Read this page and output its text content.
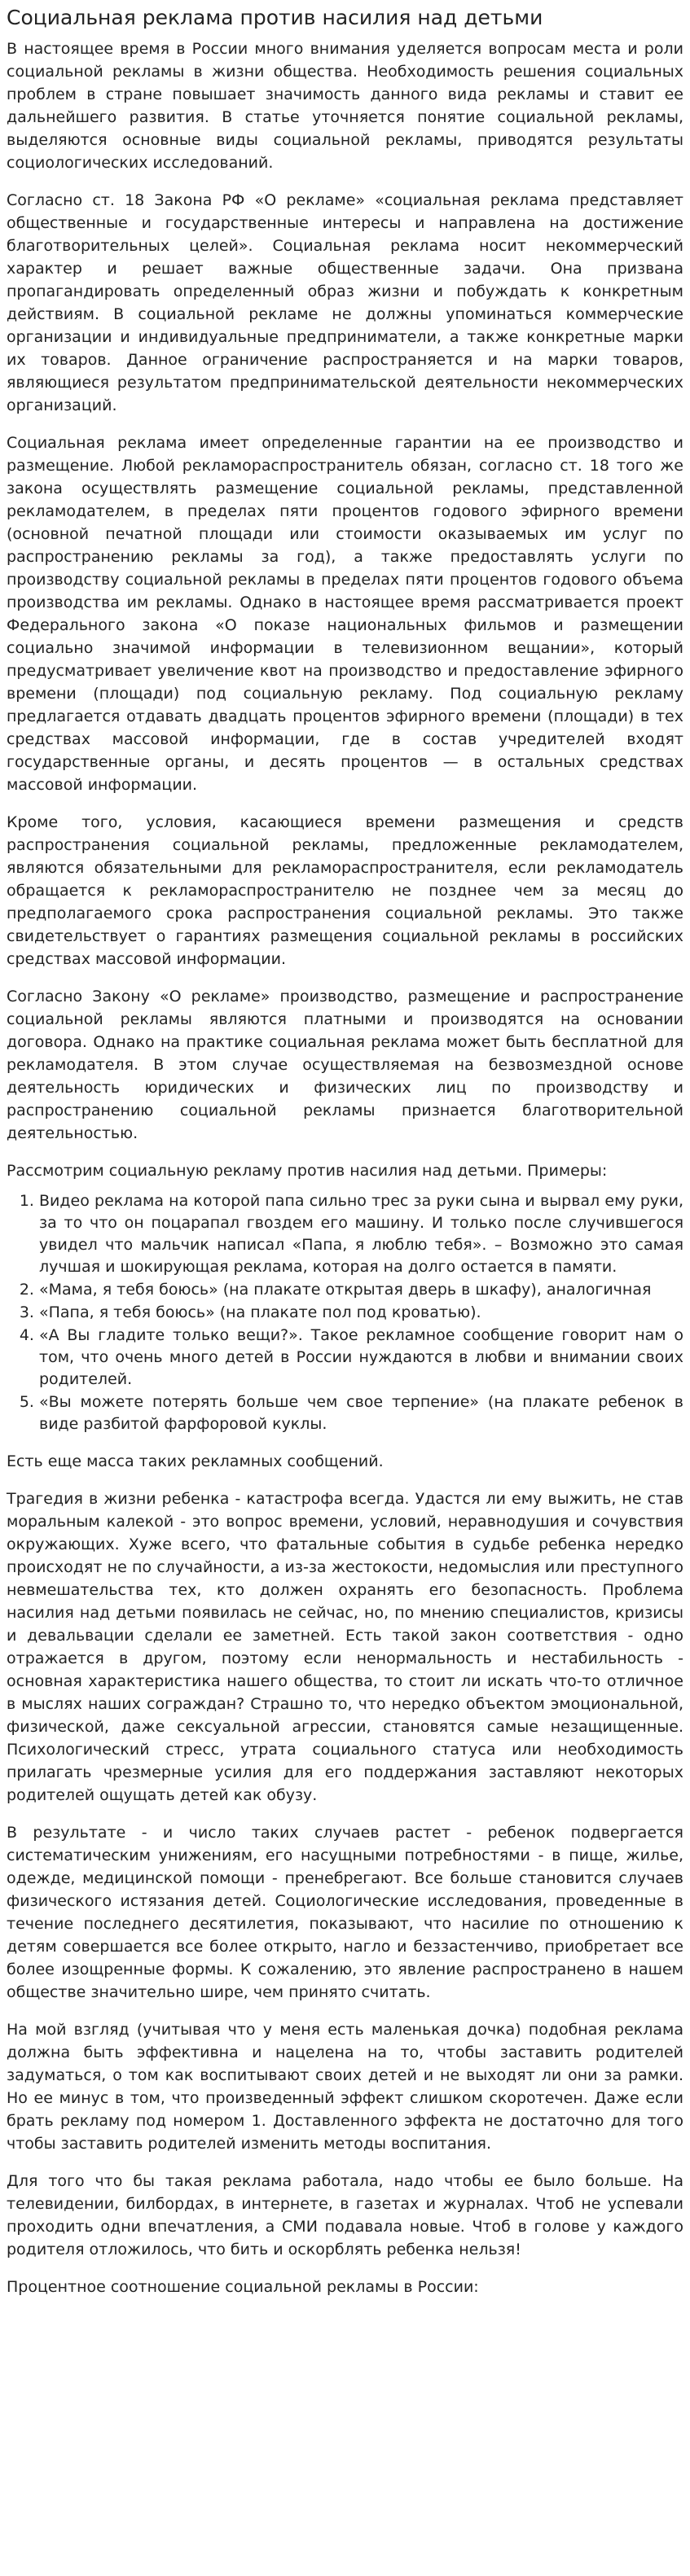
Социальная реклама против насилия над детьми

В настоящее время в России много внимания уделяется вопросам места и роли социальной рекламы в жизни общества. Необходимость решения социальных проблем в стране повышает значимость данного вида рекламы и ставит ее дальнейшего развития. В статье уточняется понятие социальной рекламы, выделяются основные виды социальной рекламы, приводятся результаты социологических исследований.

Согласно ст. 18 Закона РФ «О рекламе» «социальная реклама представляет общественные и государственные интересы и направлена на достижение благотворительных целей». Социальная реклама носит некоммерческий характер и решает важные общественные задачи. Она призвана пропагандировать определенный образ жизни и побуждать к конкретным действиям. В социальной рекламе не должны упоминаться коммерческие организации и индивидуальные предприниматели, а также конкретные марки их товаров. Данное ограничение распространяется и на марки товаров, являющиеся результатом предпринимательской деятельности некоммерческих организаций.

Социальная реклама имеет определенные гарантии на ее производство и размещение. Любой рекламораспространитель обязан, согласно ст. 18 того же закона осуществлять размещение социальной рекламы, представленной рекламодателем, в пределах пяти процентов годового эфирного времени (основной печатной площади или стоимости оказываемых им услуг по распространению рекламы за год), а также предоставлять услуги по производству социальной рекламы в пределах пяти процентов годового объема производства им рекламы. Однако в настоящее время рассматривается проект Федерального закона «О показе национальных фильмов и размещении социально значимой информации в телевизионном вещании», который предусматривает увеличение квот на производство и предоставление эфирного времени (площади) под социальную рекламу. Под социальную рекламу предлагается отдавать двадцать процентов эфирного времени (площади) в тех средствах массовой информации, где в состав учредителей входят государственные органы, и десять процентов — в остальных средствах массовой информации.

Кроме того, условия, касающиеся времени размещения и средств распространения социальной рекламы, предложенные рекламодателем, являются обязательными для рекламораспространителя, если рекламодатель обращается к рекламораспространителю не позднее чем за месяц до предполагаемого срока распространения социальной рекламы. Это также свидетельствует о гарантиях размещения социальной рекламы в российских средствах массовой информации.

Согласно Закону «О рекламе» производство, размещение и распространение социальной рекламы являются платными и производятся на основании договора. Однако на практике социальная реклама может быть бесплатной для рекламодателя. В этом случае осуществляемая на безвозмездной основе деятельность юридических и физических лиц по производству и распространению социальной рекламы признается благотворительной деятельностью.

Рассмотрим социальную рекламу против насилия над детьми. Примеры:

1. Видео реклама на которой папа сильно трес за руки сына и вырвал ему руки, за то что он поцарапал гвоздем его машину. И только после случившегося увидел что мальчик написал «Папа, я люблю тебя». – Возможно это самая лучшая и шокирующая реклама, которая на долго остается в памяти.
2. «Мама, я тебя боюсь» (на плакате открытая дверь в шкафу), аналогичная
3. «Папа, я тебя боюсь» (на плакате пол под кроватью).
4. «А Вы гладите только вещи?». Такое рекламное сообщение говорит нам о том, что очень много детей в России нуждаются в любви и внимании своих родителей.
5. «Вы можете потерять больше чем свое терпение» (на плакате ребенок в виде разбитой фарфоровой куклы.

Есть еще масса таких рекламных сообщений.

Трагедия в жизни ребенка - катастрофа всегда. Удастся ли ему выжить, не став моральным калекой - это вопрос времени, условий, неравнодушия и сочувствия окружающих. Хуже всего, что фатальные события в судьбе ребенка нередко происходят не по случайности, а из-за жестокости, недомыслия или преступного невмешательства тех, кто должен охранять его безопасность. Проблема насилия над детьми появилась не сейчас, но, по мнению специалистов, кризисы и девальвации сделали ее заметней. Есть такой закон соответствия - одно отражается в другом, поэтому если ненормальность и нестабильность - основная характеристика нашего общества, то стоит ли искать что-то отличное в мыслях наших сограждан? Страшно то, что нередко объектом эмоциональной, физической, даже сексуальной агрессии, становятся самые незащищенные. Психологический стресс, утрата социального статуса или необходимость прилагать чрезмерные усилия для его поддержания заставляют некоторых родителей ощущать детей как обузу.

В результате - и число таких случаев растет - ребенок подвергается систематическим унижениям, его насущными потребностями - в пище, жилье, одежде, медицинской помощи - пренебрегают. Все больше становится случаев физического истязания детей. Социологические исследования, проведенные в течение последнего десятилетия, показывают, что насилие по отношению к детям совершается все более открыто, нагло и беззастенчиво, приобретает все более изощренные формы. К сожалению, это явление распространено в нашем обществе значительно шире, чем принято считать.

На мой взгляд (учитывая что у меня есть маленькая дочка) подобная реклама должна быть эффективна и нацелена на то, чтобы заставить родителей задуматься, о том как воспитывают своих детей и не выходят ли они за рамки. Но ее минус в том, что произведенный эффект слишком скоротечен. Даже если брать рекламу под номером 1. Доставленного эффекта не достаточно для того чтобы заставить родителей изменить методы воспитания.

Для того что бы такая реклама работала, надо чтобы ее было больше. На телевидении, билбордах, в интернете, в газетах и журналах. Чтоб не успевали проходить одни впечатления, а СМИ подавала новые. Чтоб в голове у каждого родителя отложилось, что бить и оскорблять ребенка нельзя!

Процентное соотношение социальной рекламы в России:
